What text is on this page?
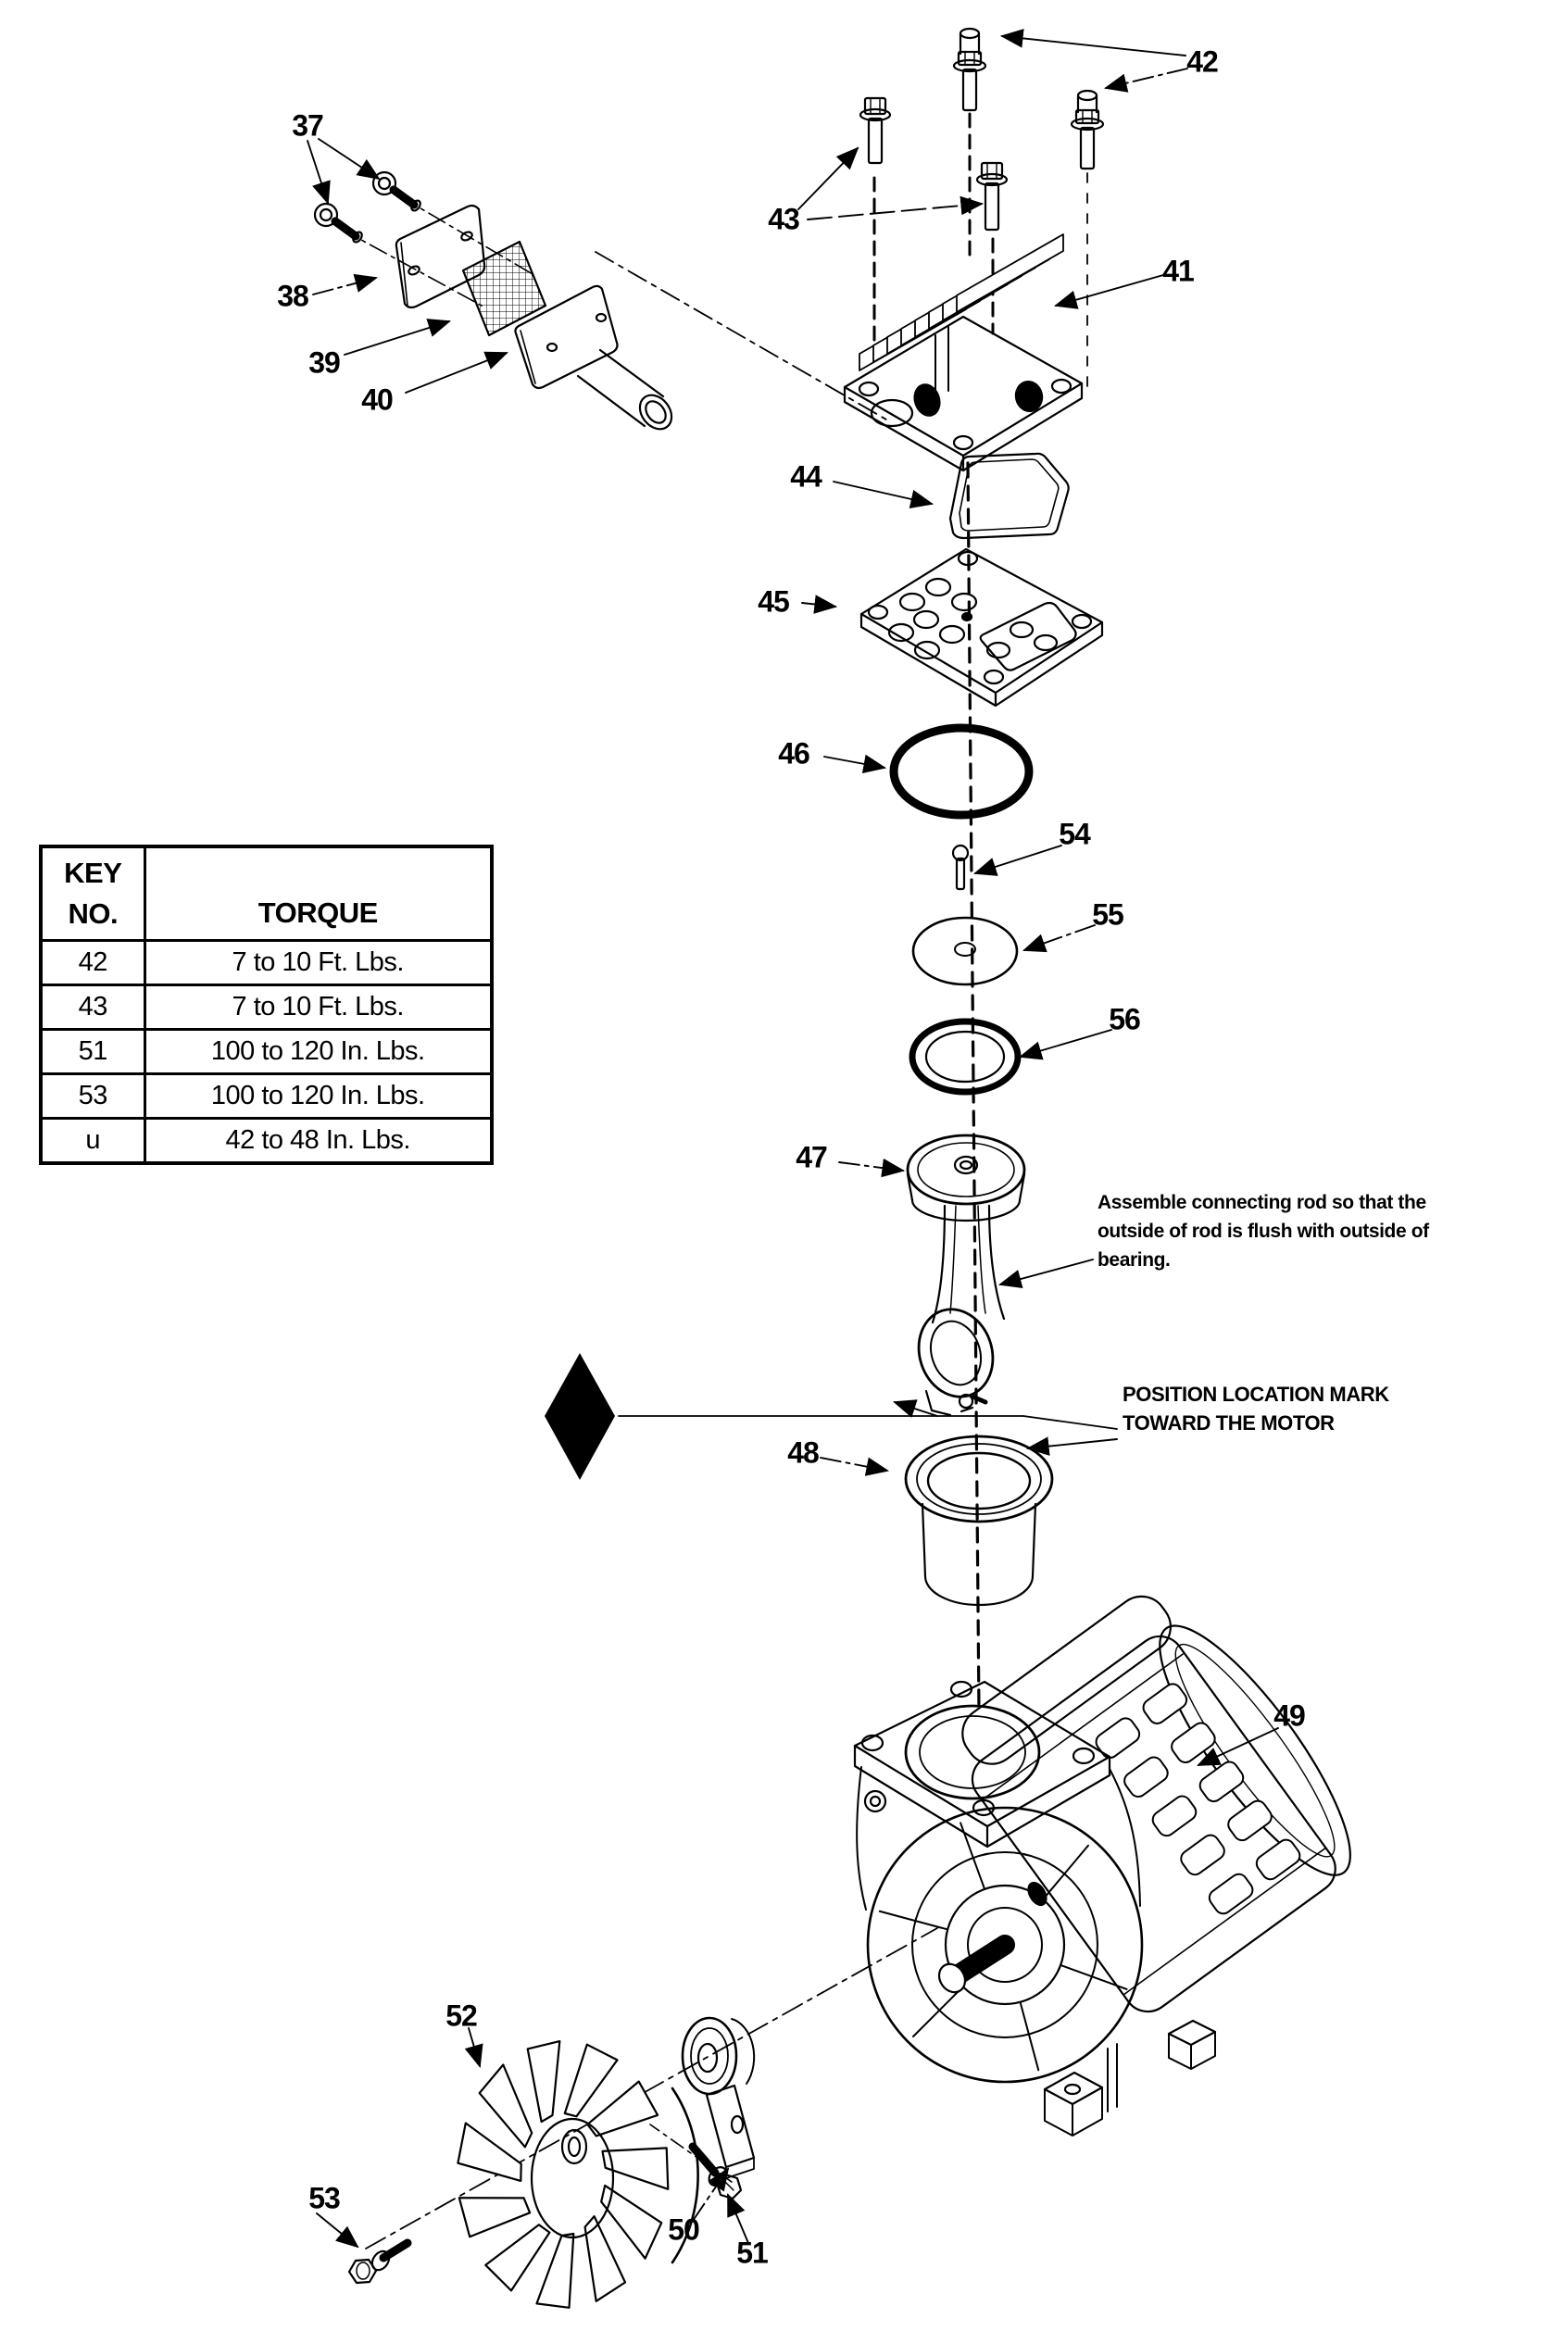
KEY
NO.	TORQUE
42	7 to 10 Ft. Lbs.
43	7 to 10 Ft. Lbs.
51	100 to 120 In. Lbs.
53	100 to 120 In. Lbs.
u	42 to 48 In. Lbs.
Assemble connecting rod so that the
outside of rod is flush with outside of
bearing.
POSITION LOCATION MARK
TOWARD THE MOTOR
37
38
39
40
41
42
43
44
45
46
47
48
49
50
51
52
53
54
55
56
